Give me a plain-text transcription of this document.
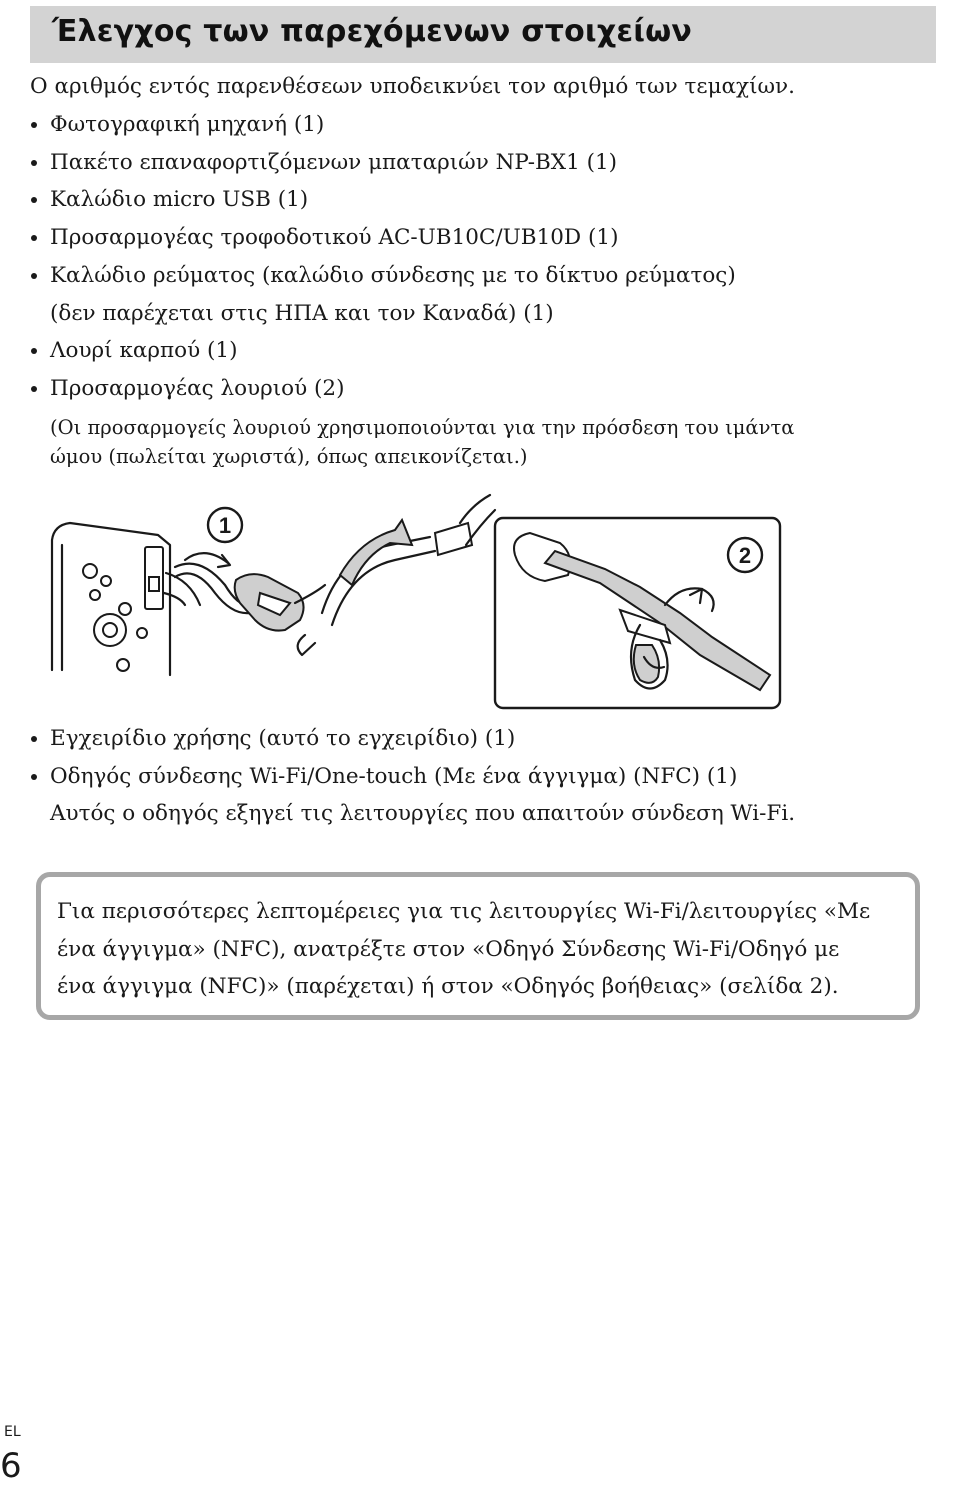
Έλεγχος των παρεχόμενων στοιχείων

Ο αριθμός εντός παρενθέσεων υποδεικνύει τον αριθμό των τεμαχίων.

Φωτογραφική μηχανή (1)
Πακέτο επαναφορτιζόμενων μπαταριών NP-BX1 (1)
Καλώδιο micro USB (1)
Προσαρμογέας τροφοδοτικού AC-UB10C/UB10D (1)
Καλώδιο ρεύματος (καλώδιο σύνδεσης με το δίκτυο ρεύματος)
(δεν παρέχεται στις ΗΠΑ και τον Καναδά) (1)
Λουρί καρπού (1)
Προσαρμογέας λουριού (2)
(Οι προσαρμογείς λουριού χρησιμοποιούνται για την πρόσδεση του ιμάντα
ώμου (πωλείται χωριστά), όπως απεικονίζεται.)
1
2
Εγχειρίδιο χρήσης (αυτό το εγχειρίδιο) (1)
Οδηγός σύνδεσης Wi-Fi/One-touch (Με ένα άγγιγμα) (NFC) (1)
Αυτός ο οδηγός εξηγεί τις λειτουργίες που απαιτούν σύνδεση Wi-Fi.

Για περισσότερες λεπτομέρειες για τις λειτουργίες Wi-Fi/λειτουργίες «Με
ένα άγγιγμα» (NFC), ανατρέξτε στον «Οδηγό Σύνδεσης Wi-Fi/Οδηγό με
ένα άγγιγμα (NFC)» (παρέχεται) ή στον «Οδηγός βοήθειας» (σελίδα 2).

EL
6
